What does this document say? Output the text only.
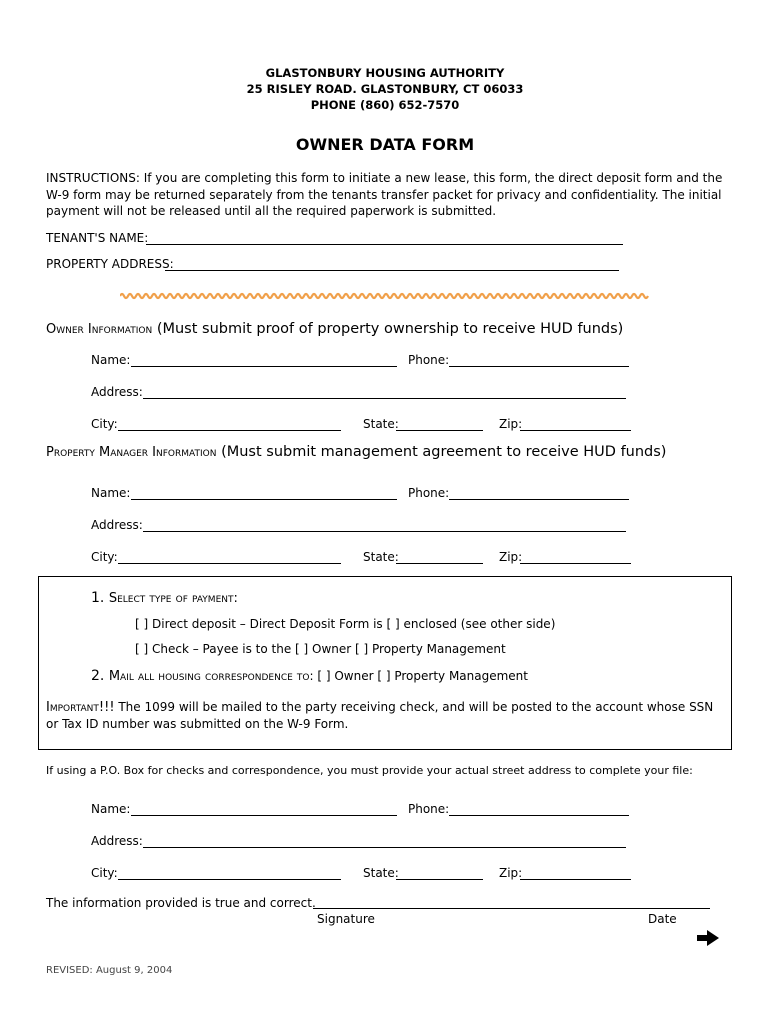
GLASTONBURY HOUSING AUTHORITY
25 RISLEY ROAD. GLASTONBURY, CT 06033
PHONE (860) 652-7570
OWNER DATA FORM
INSTRUCTIONS: If you are completing this form to initiate a new lease, this form, the direct deposit form and the W-9 form may be returned separately from the tenants transfer packet for privacy and confidentiality. The initial payment will not be released until all the required paperwork is submitted.
TENANT'S NAME:
PROPERTY ADDRESS:
Owner Information (Must submit proof of property ownership to receive HUD funds)
Name:	Phone:
Address:
City:	State:	Zip:
Property Manager Information (Must submit management agreement to receive HUD funds)
Name:	Phone:
Address:
City:	State:	Zip:
1. Select type of payment:
[ ] Direct deposit – Direct Deposit Form is [ ] enclosed (see other side)
[ ] Check – Payee is to the [ ] Owner [ ] Property Management
2. Mail all housing correspondence to: [ ] Owner [ ] Property Management
Important!!! The 1099 will be mailed to the party receiving check, and will be posted to the account whose SSN or Tax ID number was submitted on the W-9 Form.
If using a P.O. Box for checks and correspondence, you must provide your actual street address to complete your file:
Name:	Phone:
Address:
City:	State:	Zip:
The information provided is true and correct.
Signature	Date
REVISED: August 9, 2004
